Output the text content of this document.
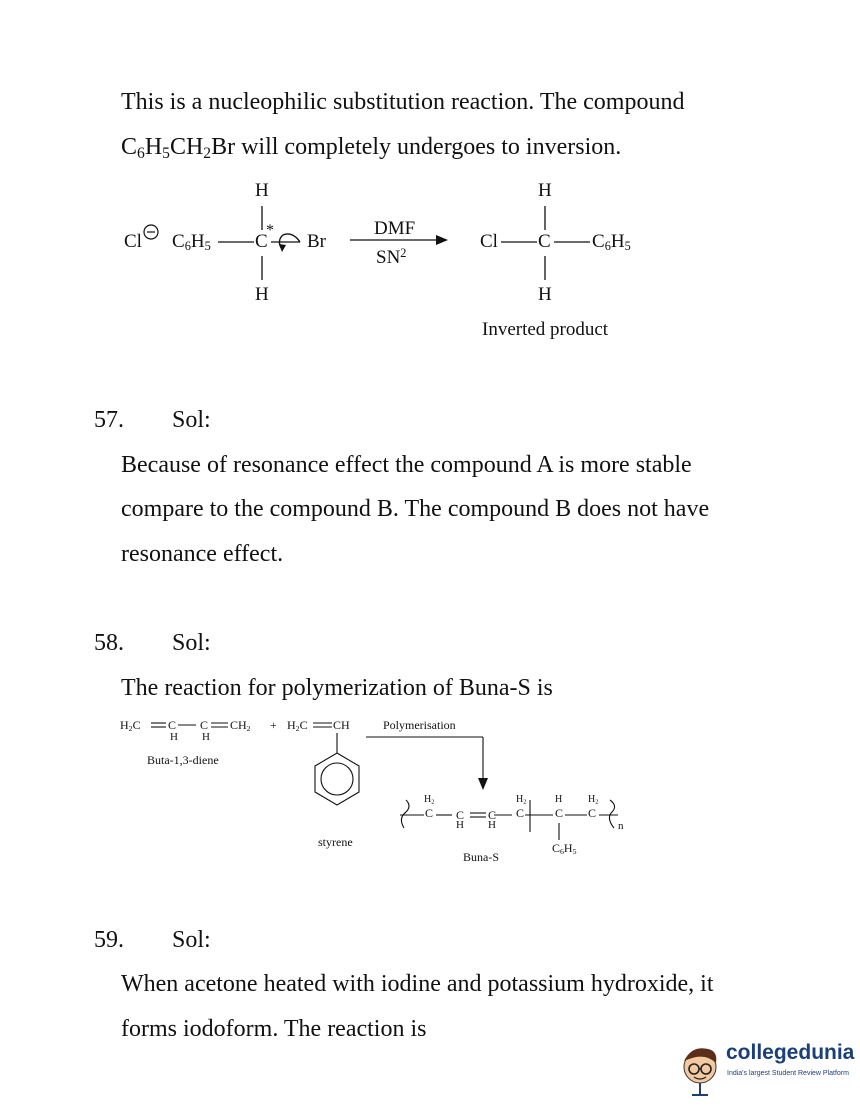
This is a nucleophilic substitution reaction. The compound

$C_6H_5CH_2Br$ will completely undergoes to inversion.

Cl $C_6H_5$ C

*

Br

H

H

DMF

$SN^2$

Cl C $C_6H_5$

H

H

Inverted product

57. Sol:

Because of resonance effect the compound A is more stable

compare to the compound B. The compound B does not have

resonance effect.

58. Sol:

The reaction for polymerization of Buna-S is

$H_2C$ C C $CH_2$

H H

+ $H_2C$ CH

Buta-1,3-diene

Polymerisation

styrene

$H_2$

C C C

H H

$H_2$

C

H

C

$H_2$

C

n

$C_6H_5$

Buna-S

59. Sol:

When acetone heated with iodine and potassium hydroxide, it

forms iodoform. The reaction is

collegedunia
India's largest Student Review Platform
